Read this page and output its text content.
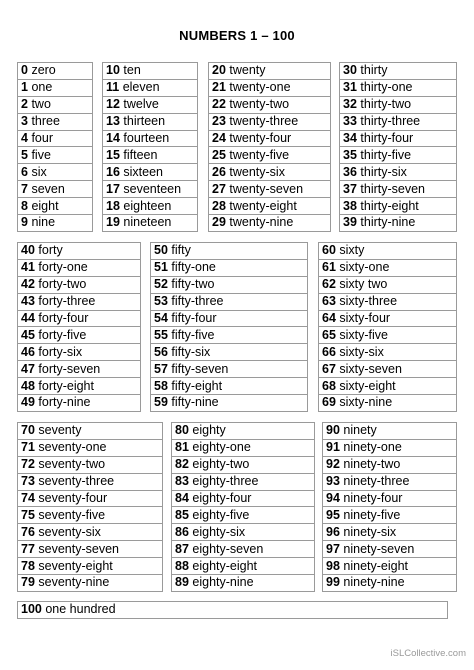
NUMBERS 1 – 100
0 zero
1 one
2 two
3 three
4 four
5 five
6 six
7 seven
8 eight
9 nine
10 ten
11 eleven
12 twelve
13 thirteen
14 fourteen
15 fifteen
16 sixteen
17 seventeen
18 eighteen
19 nineteen
20 twenty
21 twenty-one
22 twenty-two
23 twenty-three
24 twenty-four
25 twenty-five
26 twenty-six
27 twenty-seven
28 twenty-eight
29 twenty-nine
30 thirty
31 thirty-one
32 thirty-two
33 thirty-three
34 thirty-four
35 thirty-five
36 thirty-six
37 thirty-seven
38 thirty-eight
39 thirty-nine
40 forty
41 forty-one
42 forty-two
43 forty-three
44 forty-four
45 forty-five
46 forty-six
47 forty-seven
48 forty-eight
49 forty-nine
50 fifty
51 fifty-one
52 fifty-two
53 fifty-three
54 fifty-four
55 fifty-five
56 fifty-six
57 fifty-seven
58 fifty-eight
59 fifty-nine
60 sixty
61 sixty-one
62 sixty two
63 sixty-three
64 sixty-four
65 sixty-five
66 sixty-six
67 sixty-seven
68 sixty-eight
69 sixty-nine
70 seventy
71 seventy-one
72 seventy-two
73 seventy-three
74 seventy-four
75 seventy-five
76 seventy-six
77 seventy-seven
78 seventy-eight
79 seventy-nine
80 eighty
81 eighty-one
82 eighty-two
83 eighty-three
84 eighty-four
85 eighty-five
86 eighty-six
87 eighty-seven
88 eighty-eight
89 eighty-nine
90 ninety
91 ninety-one
92 ninety-two
93 ninety-three
94 ninety-four
95 ninety-five
96 ninety-six
97 ninety-seven
98 ninety-eight
99 ninety-nine
100 one hundred
iSLCollective.com
